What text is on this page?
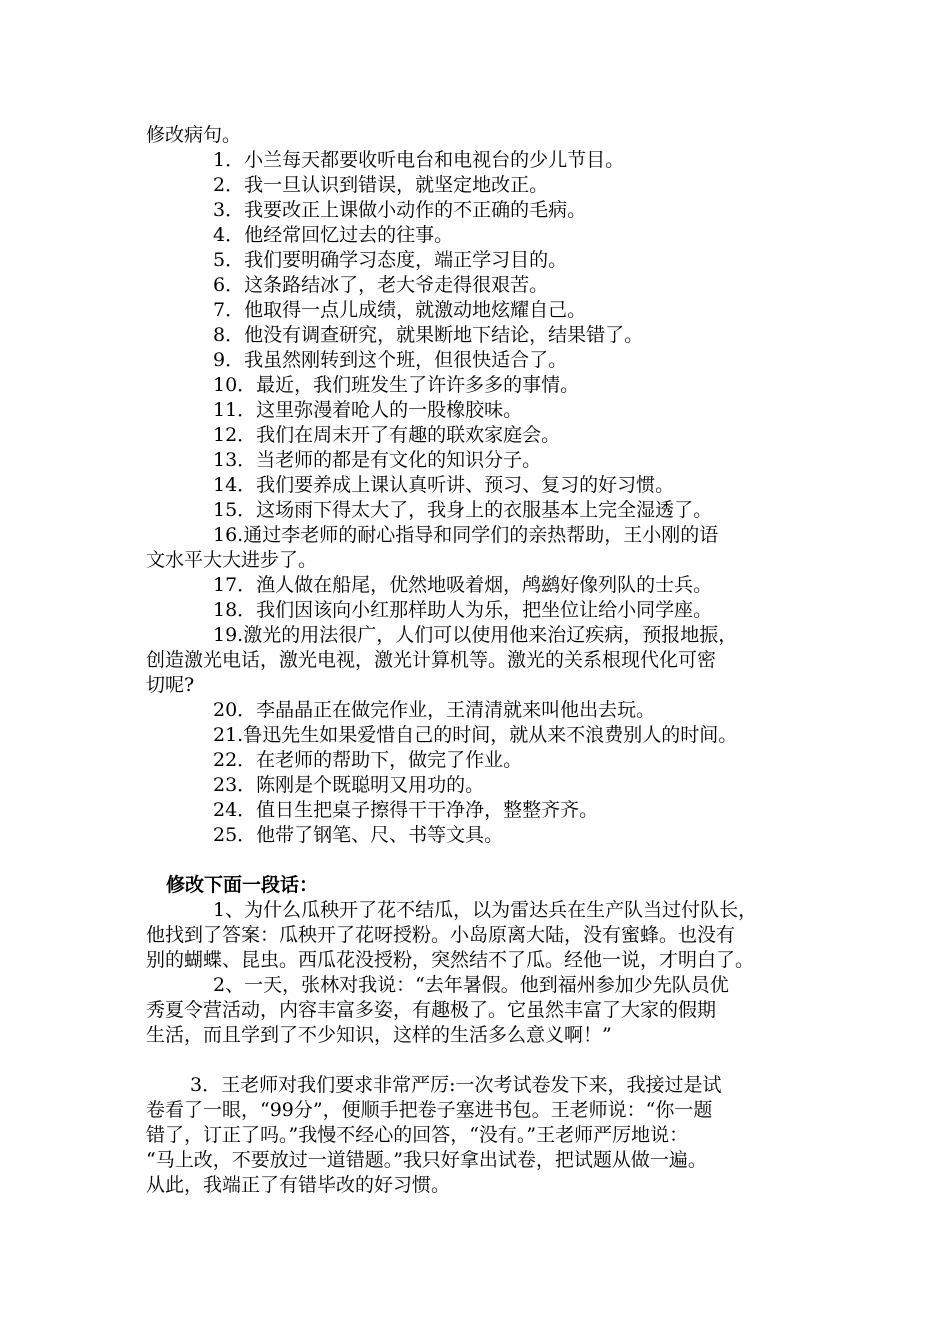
修改病句。
1．小兰每天都要收听电台和电视台的少儿节目。
2．我一旦认识到错误，就坚定地改正。
3．我要改正上课做小动作的不正确的毛病。
4．他经常回忆过去的往事。
5．我们要明确学习态度，端正学习目的。
6．这条路结冰了，老大爷走得很艰苦。
7．他取得一点儿成绩，就激动地炫耀自己。
8．他没有调查研究，就果断地下结论，结果错了。
9．我虽然刚转到这个班，但很快适合了。
10．最近，我们班发生了许许多多的事情。
11．这里弥漫着呛人的一股橡胶味。
12．我们在周末开了有趣的联欢家庭会。
13．当老师的都是有文化的知识分子。
14．我们要养成上课认真听讲、预习、复习的好习惯。
15．这场雨下得太大了，我身上的衣服基本上完全湿透了。
16.通过李老师的耐心指导和同学们的亲热帮助，王小刚的语
文水平大大进步了。
17．渔人做在船尾，优然地吸着烟，鸬鹚好像列队的士兵。
18．我们因该向小红那样助人为乐，把坐位让给小同学座。
19.激光的用法很广，人们可以使用他来治辽疾病，预报地振，
创造激光电话，激光电视，激光计算机等。激光的关系根现代化可密
切呢?
20．李晶晶正在做完作业，王清清就来叫他出去玩。
21.鲁迅先生如果爱惜自己的时间，就从来不浪费别人的时间。
22．在老师的帮助下，做完了作业。
23．陈刚是个既聪明又用功的。
24．值日生把桌子擦得干干净净，整整齐齐。
25．他带了钢笔、尺、书等文具。
修改下面一段话：
1、为什么瓜秧开了花不结瓜，以为雷达兵在生产队当过付队长，
他找到了答案：瓜秧开了花呀授粉。小岛原离大陆，没有蜜蜂。也没有
别的蝴蝶、昆虫。西瓜花没授粉，突然结不了瓜。经他一说，才明白了。
2、一天，张林对我说：“去年暑假。他到福州参加少先队员优
秀夏令营活动，内容丰富多姿，有趣极了。它虽然丰富了大家的假期
生活，而且学到了不少知识，这样的生活多么意义啊！”
3．王老师对我们要求非常严厉:一次考试卷发下来，我接过是试
卷看了一眼，“99分”，便顺手把卷子塞进书包。王老师说：“你一题
错了，订正了吗。”我慢不经心的回答，“没有。”王老师严厉地说：
“马上改，不要放过一道错题。”我只好拿出试卷，把试题从做一遍。
从此，我端正了有错毕改的好习惯。
